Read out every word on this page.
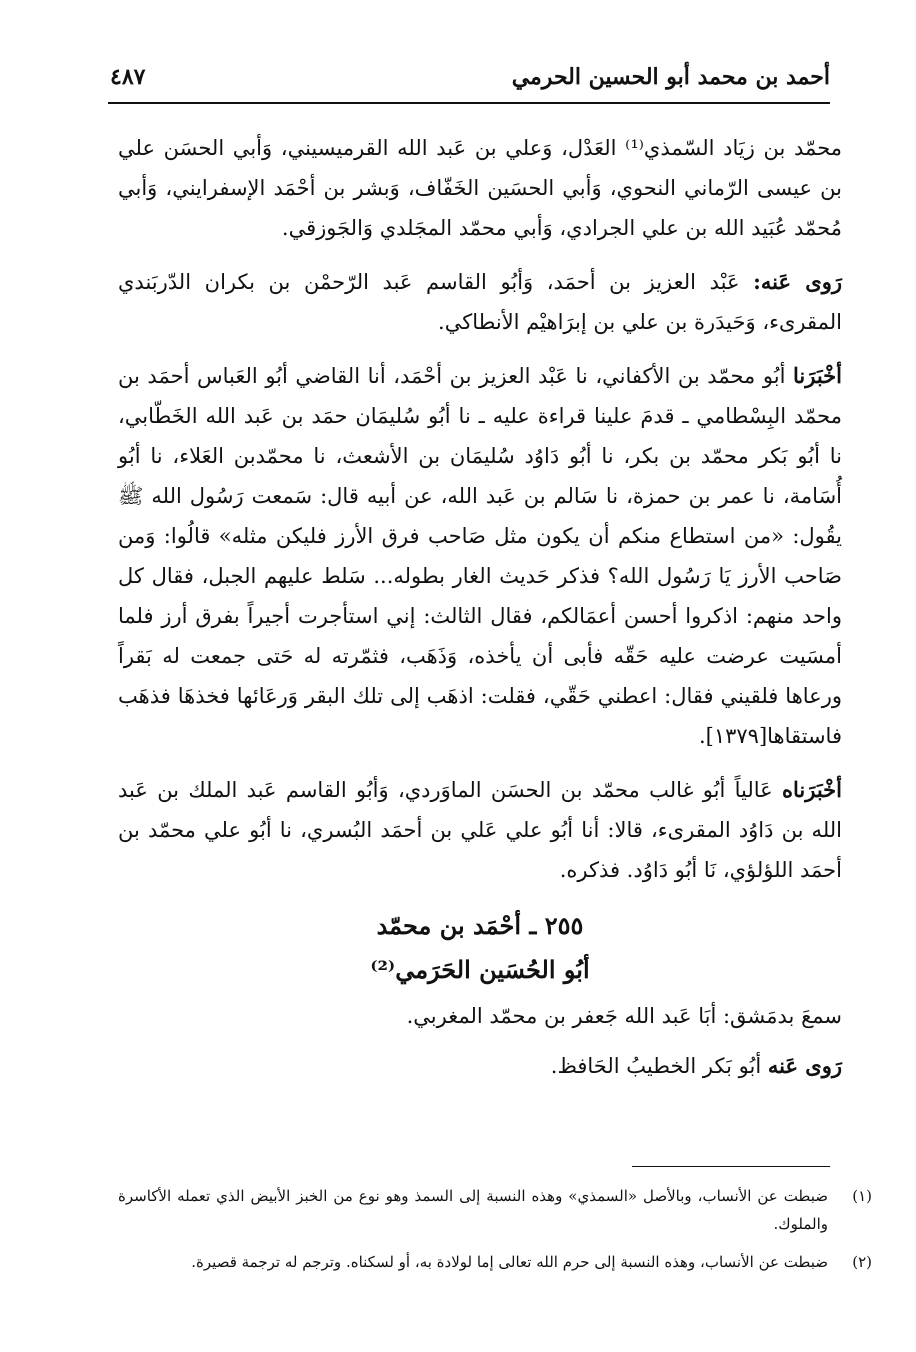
أحمد بن محمد أبو الحسين الحرمي
٤٨٧

محمّد بن زيَاد السّمذي⁽¹⁾ العَدْل، وَعلي بن عَبد الله القرميسيني، وَأبي الحسَن علي بن عيسى الرّماني النحوي، وَأبي الحسَين الخَفّاف، وَبشر بن أحْمَد الإسفرايني، وَأبي مُحمّد عُبَيد الله بن علي الجرادي، وَأبي محمّد المجَلدي وَالجَوزقي.

رَوى عَنه: عَبْد العزيز بن أحمَد، وَأبُو القاسم عَبد الرّحمْن بن بكران الدّربَندي المقرىء، وَحَيدَرة بن علي بن إبرَاهيْم الأنطاكي.

أخْبَرَنا أبُو محمّد بن الأكفاني، نا عَبْد العزيز بن أحْمَد، أنا القاضي أبُو العَباس أحمَد بن محمّد البِسْطامي ـ قدمَ علينا قراءة عليه ـ نا أبُو سُليمَان حمَد بن عَبد الله الخَطّابي، نا أبُو بَكر محمّد بن بكر، نا أبُو دَاوُد سُليمَان بن الأشعث، نا محمّدبن العَلاء، نا أبُو أُسَامة، نا عمر بن حمزة، نا سَالم بن عَبد الله، عن أبيه قال: سَمعت رَسُول الله ﷺ يقُول: «من استطاع منكم أن يكون مثل صَاحب فرق الأرز فليكن مثله» قالُوا: وَمن صَاحب الأرز يَا رَسُول الله؟ فذكر حَديث الغار بطوله... سَلط عليهم الجبل، فقال كل واحد منهم: اذكروا أحسن أعمَالكم، فقال الثالث: إني استأجرت أجيراً بفرق أرز فلما أمسَيت عرضت عليه حَقّه فأبى أن يأخذه، وَذَهَب، فثمّرته له حَتى جمعت له بَقراً ورعاها فلقيني فقال: اعطني حَقّي، فقلت: اذهَب إلى تلك البقر وَرعَائها فخذهَا فذهَب فاستقاها[١٣٧٩].

أخْبَرَناه عَالياً أبُو غالب محمّد بن الحسَن الماوَردي، وَأبُو القاسم عَبد الملك بن عَبد الله بن دَاوُد المقرىء، قالا: أنا أبُو علي عَلي بن أحمَد البُسري، نا أبُو علي محمّد بن أحمَد اللؤلؤي، نَا أبُو دَاوُد. فذكره.

٢٥٥ ـ أحْمَد بن محمّد
أبُو الحُسَين الحَرَمي⁽²⁾

سمعَ بدمَشق: أبَا عَبد الله جَعفر بن محمّد المغربي.

رَوى عَنه أبُو بَكر الخطيبُ الحَافظ.

(١)
ضبطت عن الأنساب، وبالأصل «السمذي» وهذه النسبة إلى السمذ وهو نوع من الخبز الأبيض الذي تعمله الأكاسرة والملوك.
(٢)
ضبطت عن الأنساب، وهذه النسبة إلى حرم الله تعالى إما لولادة به، أو لسكناه. وترجم له ترجمة قصيرة.
